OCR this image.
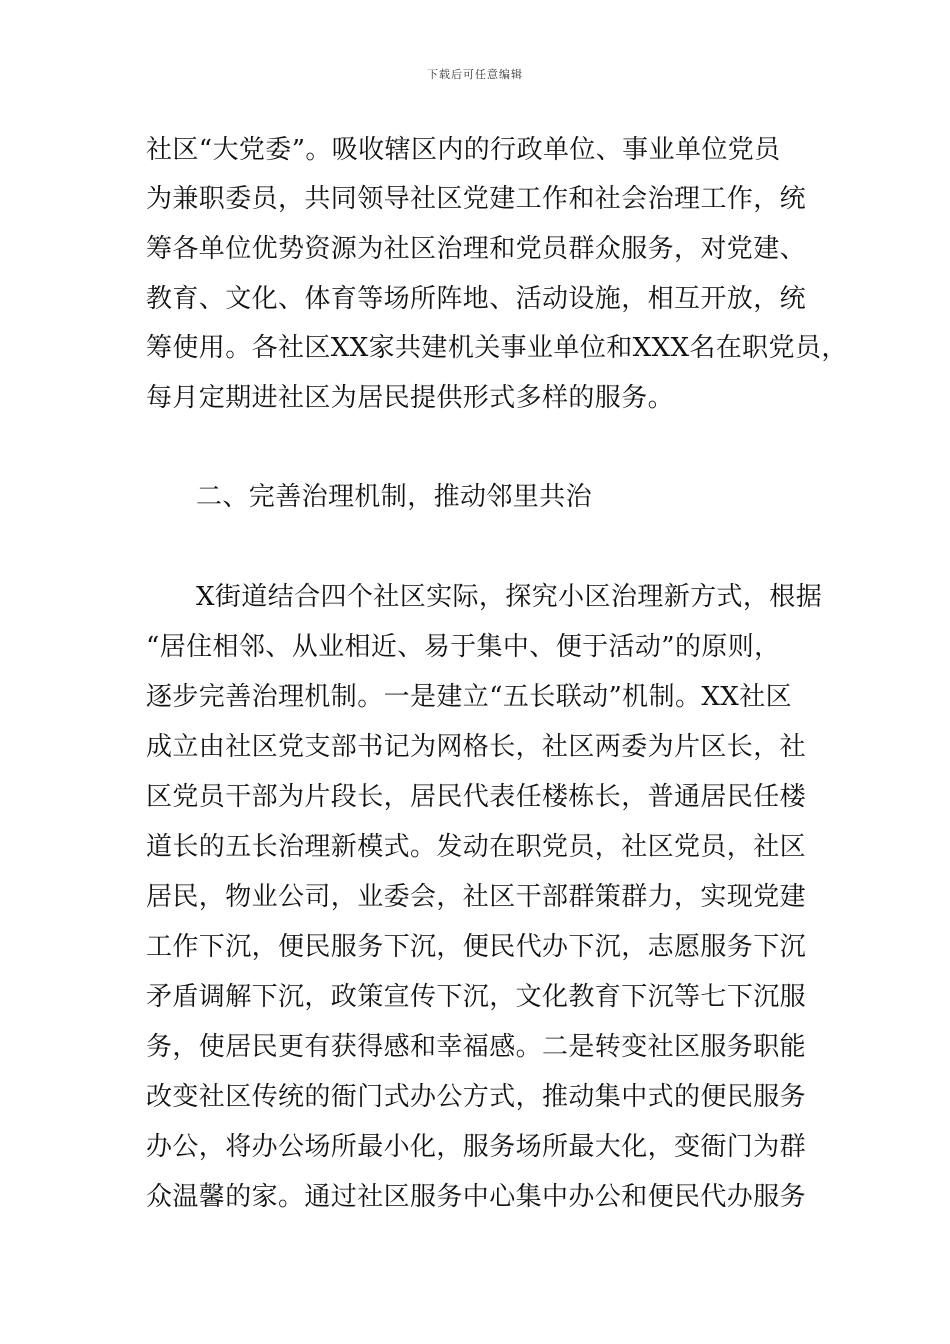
下载后可任意编辑
社区“大党委”。吸收辖区内的行政单位、事业单位党员
为兼职委员，共同领导社区党建工作和社会治理工作，统
筹各单位优势资源为社区治理和党员群众服务，对党建、
教育、文化、体育等场所阵地、活动设施，相互开放，统
筹使用。各社区XX家共建机关事业单位和XXX名在职党员，
每月定期进社区为居民提供形式多样的服务。
二、完善治理机制，推动邻里共治
X街道结合四个社区实际，探究小区治理新方式，根据
“居住相邻、从业相近、易于集中、便于活动”的原则，
逐步完善治理机制。一是建立“五长联动”机制。XX社区
成立由社区党支部书记为网格长，社区两委为片区长，社
区党员干部为片段长，居民代表任楼栋长，普通居民任楼
道长的五长治理新模式。发动在职党员，社区党员，社区
居民，物业公司，业委会，社区干部群策群力，实现党建
工作下沉，便民服务下沉，便民代办下沉，志愿服务下沉
矛盾调解下沉，政策宣传下沉，文化教育下沉等七下沉服
务，使居民更有获得感和幸福感。二是转变社区服务职能
改变社区传统的衙门式办公方式，推动集中式的便民服务
办公，将办公场所最小化，服务场所最大化，变衙门为群
众温馨的家。通过社区服务中心集中办公和便民代办服务
